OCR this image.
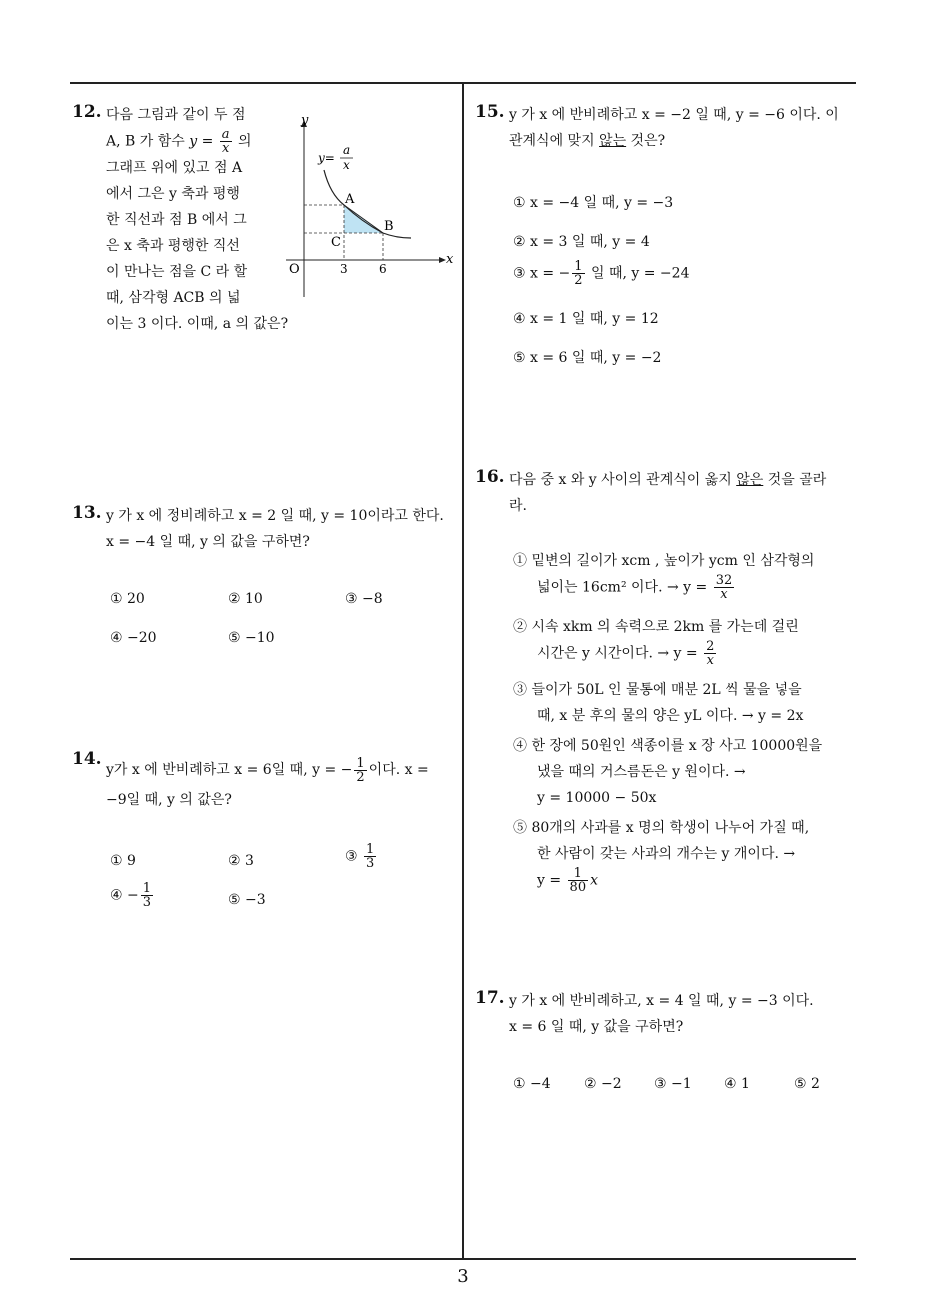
12. 다음 그림과 같이 두 점
A, B 가 함수 $y = \frac{a}{x}$ 의
그래프 위에 있고 점 A
에서 그은 y 축과 평행
한 직선과 점 B 에서 그
은 x 축과 평행한 직선
이 만나는 점을 C 라 할
때, 삼각형 ACB 의 넓
이는 3 이다. 이때, a 의 값은?
y
x
O
y=
a
x
A
B
C
3	6
13. y 가 x 에 정비례하고 x = 2 일 때, y = 10이라고 한다.
x = −4 일 때, y 의 값을 구하면?
① 20	② 10	③ −8
④ −20	⑤ −10
14.
y가 x 에 반비례하고 x = 6일 때, y = − $\frac{1}{2}$ 이다. x =
−9일 때, y 의 값은?
① 9	② 3	③ $\frac{1}{3}$
④ − $\frac{1}{3}$	⑤ −3
15. y 가 x 에 반비례하고 x = −2 일 때, y = −6 이다. 이
관계식에 맞지 않는 것은?
① x = −4 일 때, y = −3
② x = 3 일 때, y = 4
③ x = − $\frac{1}{2}$ 일 때, y = −24
④ x = 1 일 때, y = 12
⑤ x = 6 일 때, y = −2
16. 다음 중 x 와 y 사이의 관계식이 옳지 않은 것을 골라
라.
① 밑변의 길이가 xcm , 높이가 ycm 인 삼각형의
넓이는 16cm² 이다. → $y = \frac{32}{x}$
② 시속 xkm 의 속력으로 2km 를 가는데 걸린
시간은 y 시간이다. → $y = \frac{2}{x}$
③ 들이가 50L 인 물통에 매분 2L 씩 물을 넣을
때, x 분 후의 물의 양은 yL 이다. → y = 2x
④ 한 장에 50원인 색종이를 x 장 사고 10000원을
냈을 때의 거스름돈은 y 원이다. →
y = 10000 − 50x
⑤ 80개의 사과를 x 명의 학생이 나누어 가질 때,
한 사람이 갖는 사과의 개수는 y 개이다. →
$y = \frac{1}{80}$ x
17. y 가 x 에 반비례하고, x = 4 일 때, y = −3 이다.
x = 6 일 때, y 값을 구하면?
① −4 ② −2 ③ −1 ④ 1	⑤ 2
3
